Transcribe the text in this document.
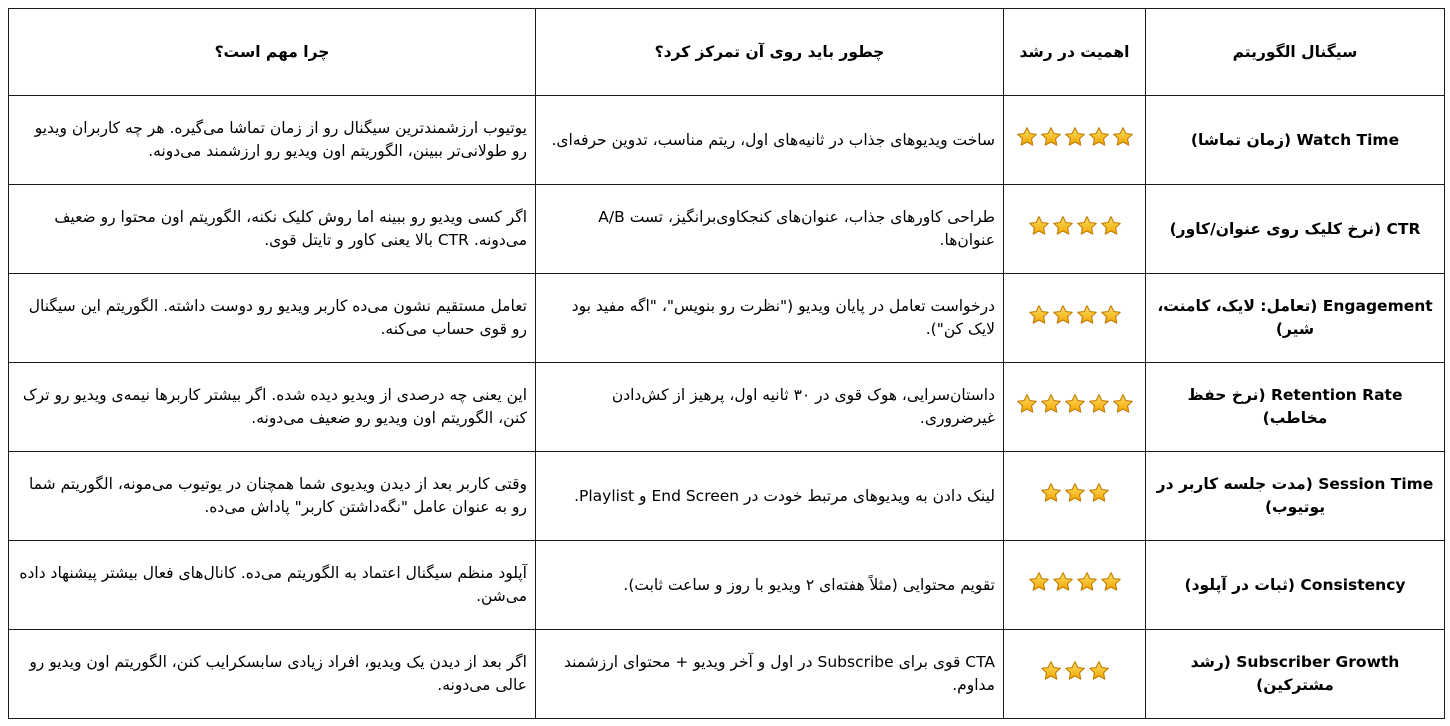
سیگنال الگوریتم	اهمیت در رشد	چطور باید روی آن تمرکز کرد؟	چرا مهم است؟
Watch Time (زمان تماشا)		ساخت ویدیوهای جذاب در ثانیه‌های اول، ریتم مناسب، تدوین حرفه‌ای.	یوتیوب ارزشمندترین سیگنال رو از زمان تماشا می‌گیره. هر چه کاربران ویدیو رو طولانی‌تر ببینن، الگوریتم اون ویدیو رو ارزشمند می‌دونه.
CTR (نرخ کلیک روی عنوان/کاور)		طراحی کاورهای جذاب، عنوان‌های کنجکاوی‌برانگیز، تست A/B عنوان‌ها.	اگر کسی ویدیو رو ببینه اما روش کلیک نکنه، الگوریتم اون محتوا رو ضعیف می‌دونه. CTR بالا یعنی کاور و تایتل قوی.
Engagement (تعامل: لایک، کامنت، شیر)		درخواست تعامل در پایان ویدیو ("نظرت رو بنویس"، "اگه مفید بود لایک کن").	تعامل مستقیم نشون می‌ده کاربر ویدیو رو دوست داشته. الگوریتم این سیگنال رو قوی حساب می‌کنه.
Retention Rate (نرخ حفظ مخاطب)		داستان‌سرایی، هوک قوی در ۳۰ ثانیه اول، پرهیز از کش‌دادن غیرضروری.	این یعنی چه درصدی از ویدیو دیده شده. اگر بیشتر کاربرها نیمه‌ی ویدیو رو ترک کنن، الگوریتم اون ویدیو رو ضعیف می‌دونه.
Session Time (مدت جلسه کاربر در یوتیوب)		لینک دادن به ویدیوهای مرتبط خودت در End Screen و Playlist.	وقتی کاربر بعد از دیدن ویدیوی شما همچنان در یوتیوب می‌مونه، الگوریتم شما رو به عنوان عامل "نگه‌داشتن کاربر" پاداش می‌ده.
Consistency (ثبات در آپلود)		تقویم محتوایی (مثلاً هفته‌ای ۲ ویدیو با روز و ساعت ثابت).	آپلود منظم سیگنال اعتماد به الگوریتم می‌ده. کانال‌های فعال بیشتر پیشنهاد داده می‌شن.
Subscriber Growth (رشد مشترکین)		CTA قوی برای Subscribe در اول و آخر ویدیو + محتوای ارزشمند مداوم.	اگر بعد از دیدن یک ویدیو، افراد زیادی سابسکرایب کنن، الگوریتم اون ویدیو رو عالی می‌دونه.
